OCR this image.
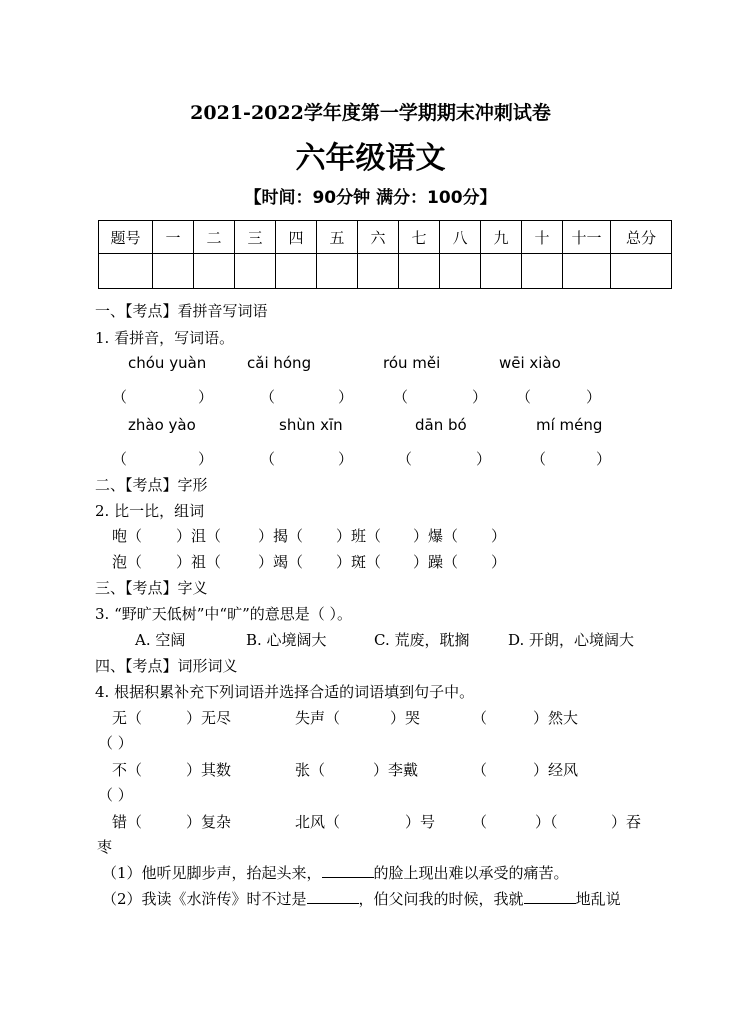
2021-2022学年度第一学期期末冲刺试卷
六年级语文
【时间：90分钟 满分：100分】
题号	一	二	三	四	五	六	七	八	九	十	十一	总分

一、【考点】看拼音写词语
1. 看拼音，写词语。
chóu yuàn	cǎi hóng	róu měi	wēi xiào
（	）	（	）	（	） （	）
zhào yào	shùn xīn	dān bó	mí méng
（	）	（	）	（	）	（	）
二、【考点】字形
2. 比一比，组词
咆（ ）沮（ ）揭（ ）班（ ）爆（ ）
泡（ ）祖（ ）竭（ ）斑（ ）躁（ ）
三、【考点】字义
3. “野旷天低树”中“旷”的意思是（ ）。
A. 空阔	B. 心境阔大	C. 荒废，耽搁	D. 开朗，心境阔大
四、【考点】词形词义
4. 根据积累补充下列词语并选择合适的词语填到句子中。
无（	）无尽	失声（	）哭	（	）然大
（ ）
不（	）其数	张（	）李戴	（	）经风
（ ）
错（	）复杂	北风（	）号 （	）（	）吞
枣
（1）他听见脚步声，抬起头来，	的脸上现出难以承受的痛苦。
（2）我读《水浒传》时不过是	，伯父问我的时候，我就	地乱说
